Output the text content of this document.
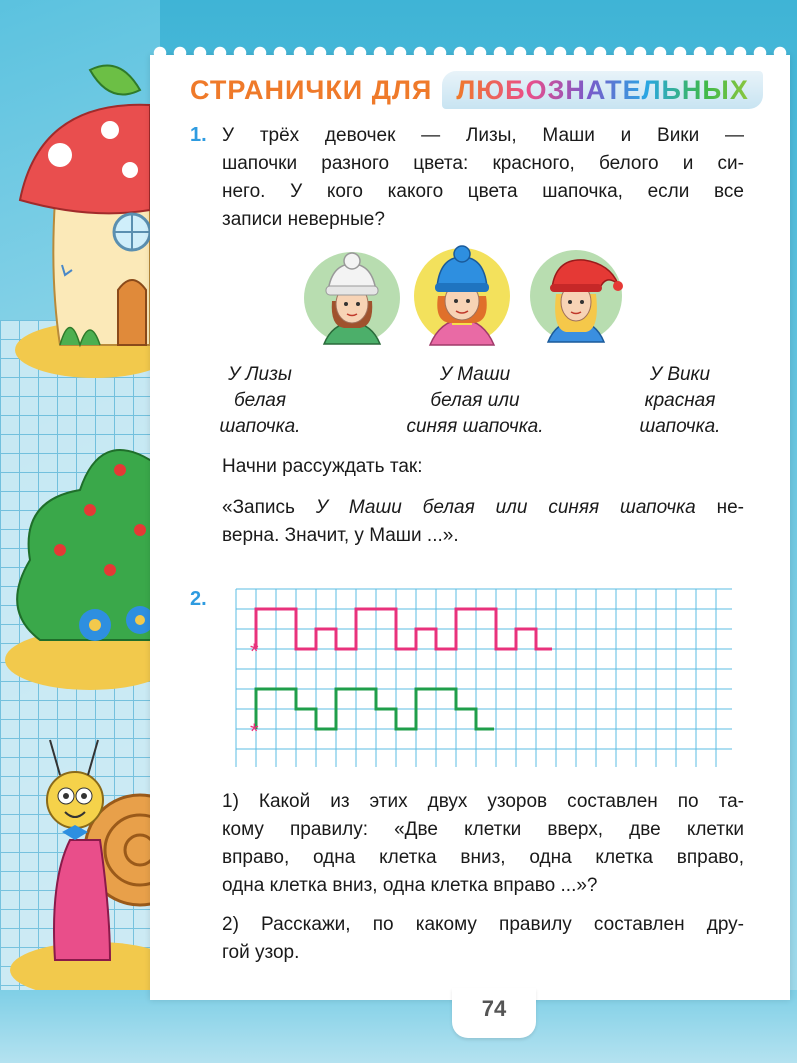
СТРАНИЧКИ ДЛЯ ЛЮБОЗНАТЕЛЬНЫХ
1. У трёх девочек — Лизы, Маши и Вики —
шапочки разного цвета: красного, белого и си-
него. У кого какого цвета шапочка, если все
записи неверные?
У Лизы
белая
шапочка.
У Маши
белая или
синяя шапочка.
У Вики
красная
шапочка.
Начни рассуждать так:
«Запись У Маши белая или синяя шапочка не-
верна. Значит, у Маши ...».
2.
*
*
1) Какой из этих двух узоров составлен по та-
кому правилу: «Две клетки вверх, две клетки
вправо, одна клетка вниз, одна клетка вправо,
одна клетка вниз, одна клетка вправо ...»?
2) Расскажи, по какому правилу составлен дру-
гой узор.
74
